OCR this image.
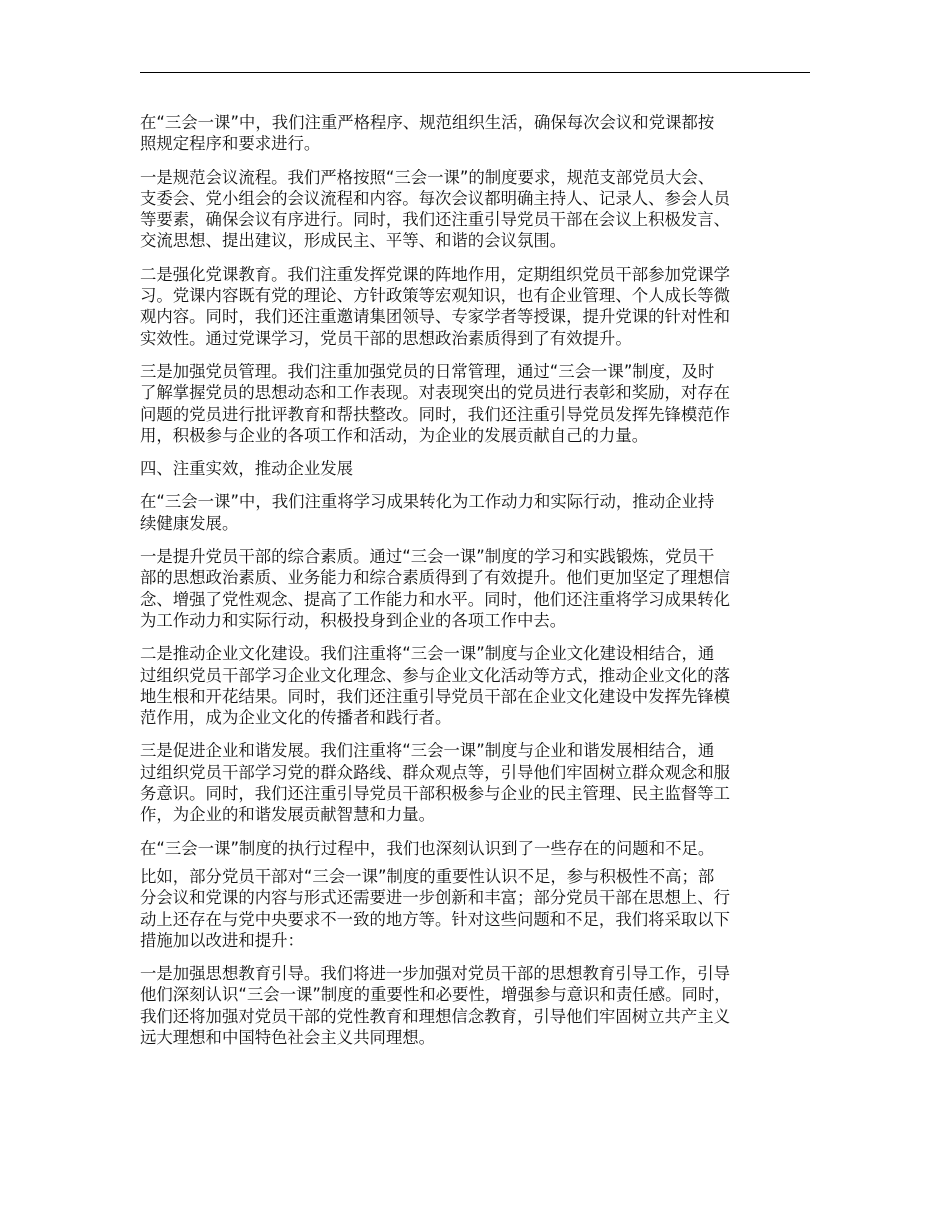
在“三会一课”中，我们注重严格程序、规范组织生活，确保每次会议和党课都按
照规定程序和要求进行。

一是规范会议流程。我们严格按照“三会一课”的制度要求，规范支部党员大会、
支委会、党小组会的会议流程和内容。每次会议都明确主持人、记录人、参会人员
等要素，确保会议有序进行。同时，我们还注重引导党员干部在会议上积极发言、
交流思想、提出建议，形成民主、平等、和谐的会议氛围。

二是强化党课教育。我们注重发挥党课的阵地作用，定期组织党员干部参加党课学
习。党课内容既有党的理论、方针政策等宏观知识，也有企业管理、个人成长等微
观内容。同时，我们还注重邀请集团领导、专家学者等授课，提升党课的针对性和
实效性。通过党课学习，党员干部的思想政治素质得到了有效提升。

三是加强党员管理。我们注重加强党员的日常管理，通过“三会一课”制度，及时
了解掌握党员的思想动态和工作表现。对表现突出的党员进行表彰和奖励，对存在
问题的党员进行批评教育和帮扶整改。同时，我们还注重引导党员发挥先锋模范作
用，积极参与企业的各项工作和活动，为企业的发展贡献自己的力量。

四、注重实效，推动企业发展

在“三会一课”中，我们注重将学习成果转化为工作动力和实际行动，推动企业持
续健康发展。

一是提升党员干部的综合素质。通过“三会一课”制度的学习和实践锻炼，党员干
部的思想政治素质、业务能力和综合素质得到了有效提升。他们更加坚定了理想信
念、增强了党性观念、提高了工作能力和水平。同时，他们还注重将学习成果转化
为工作动力和实际行动，积极投身到企业的各项工作中去。

二是推动企业文化建设。我们注重将“三会一课”制度与企业文化建设相结合，通
过组织党员干部学习企业文化理念、参与企业文化活动等方式，推动企业文化的落
地生根和开花结果。同时，我们还注重引导党员干部在企业文化建设中发挥先锋模
范作用，成为企业文化的传播者和践行者。

三是促进企业和谐发展。我们注重将“三会一课”制度与企业和谐发展相结合，通
过组织党员干部学习党的群众路线、群众观点等，引导他们牢固树立群众观念和服
务意识。同时，我们还注重引导党员干部积极参与企业的民主管理、民主监督等工
作，为企业的和谐发展贡献智慧和力量。

在“三会一课”制度的执行过程中，我们也深刻认识到了一些存在的问题和不足。

比如，部分党员干部对“三会一课”制度的重要性认识不足，参与积极性不高；部
分会议和党课的内容与形式还需要进一步创新和丰富；部分党员干部在思想上、行
动上还存在与党中央要求不一致的地方等。针对这些问题和不足，我们将采取以下
措施加以改进和提升：

一是加强思想教育引导。我们将进一步加强对党员干部的思想教育引导工作，引导
他们深刻认识“三会一课”制度的重要性和必要性，增强参与意识和责任感。同时，
我们还将加强对党员干部的党性教育和理想信念教育，引导他们牢固树立共产主义
远大理想和中国特色社会主义共同理想。
